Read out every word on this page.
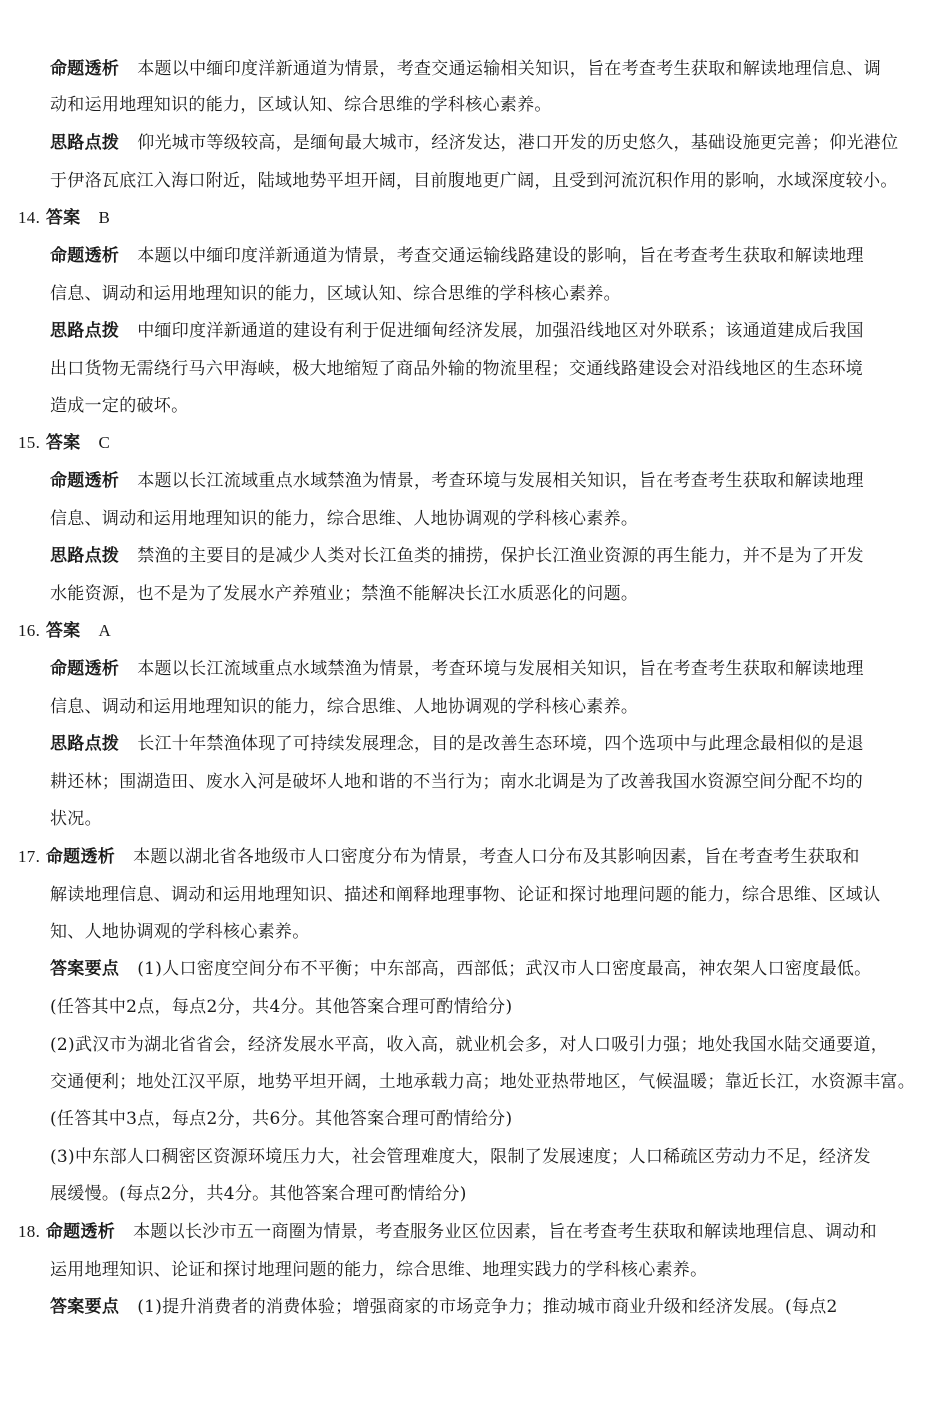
命题透析 本题以中缅印度洋新通道为情景，考查交通运输相关知识，旨在考查考生获取和解读地理信息、调
动和运用地理知识的能力，区域认知、综合思维的学科核心素养。
思路点拨 仰光城市等级较高，是缅甸最大城市，经济发达，港口开发的历史悠久，基础设施更完善；仰光港位
于伊洛瓦底江入海口附近，陆域地势平坦开阔，目前腹地更广阔，且受到河流沉积作用的影响，水域深度较小。
14. 答案 B
命题透析 本题以中缅印度洋新通道为情景，考查交通运输线路建设的影响，旨在考查考生获取和解读地理
信息、调动和运用地理知识的能力，区域认知、综合思维的学科核心素养。
思路点拨 中缅印度洋新通道的建设有利于促进缅甸经济发展，加强沿线地区对外联系；该通道建成后我国
出口货物无需绕行马六甲海峡，极大地缩短了商品外输的物流里程；交通线路建设会对沿线地区的生态环境
造成一定的破坏。
15. 答案 C
命题透析 本题以长江流域重点水域禁渔为情景，考查环境与发展相关知识，旨在考查考生获取和解读地理
信息、调动和运用地理知识的能力，综合思维、人地协调观的学科核心素养。
思路点拨 禁渔的主要目的是减少人类对长江鱼类的捕捞，保护长江渔业资源的再生能力，并不是为了开发
水能资源，也不是为了发展水产养殖业；禁渔不能解决长江水质恶化的问题。
16. 答案 A
命题透析 本题以长江流域重点水域禁渔为情景，考查环境与发展相关知识，旨在考查考生获取和解读地理
信息、调动和运用地理知识的能力，综合思维、人地协调观的学科核心素养。
思路点拨 长江十年禁渔体现了可持续发展理念，目的是改善生态环境，四个选项中与此理念最相似的是退
耕还林；围湖造田、废水入河是破坏人地和谐的不当行为；南水北调是为了改善我国水资源空间分配不均的
状况。
17. 命题透析 本题以湖北省各地级市人口密度分布为情景，考查人口分布及其影响因素，旨在考查考生获取和
解读地理信息、调动和运用地理知识、描述和阐释地理事物、论证和探讨地理问题的能力，综合思维、区域认
知、人地协调观的学科核心素养。
答案要点 (1)人口密度空间分布不平衡；中东部高，西部低；武汉市人口密度最高，神农架人口密度最低。
(任答其中2点，每点2分，共4分。其他答案合理可酌情给分)
(2)武汉市为湖北省省会，经济发展水平高，收入高，就业机会多，对人口吸引力强；地处我国水陆交通要道，
交通便利；地处江汉平原，地势平坦开阔，土地承载力高；地处亚热带地区，气候温暖；靠近长江，水资源丰富。
(任答其中3点，每点2分，共6分。其他答案合理可酌情给分)
(3)中东部人口稠密区资源环境压力大，社会管理难度大，限制了发展速度；人口稀疏区劳动力不足，经济发
展缓慢。(每点2分，共4分。其他答案合理可酌情给分)
18. 命题透析 本题以长沙市五一商圈为情景，考查服务业区位因素，旨在考查考生获取和解读地理信息、调动和
运用地理知识、论证和探讨地理问题的能力，综合思维、地理实践力的学科核心素养。
答案要点 (1)提升消费者的消费体验；增强商家的市场竞争力；推动城市商业升级和经济发展。(每点2
